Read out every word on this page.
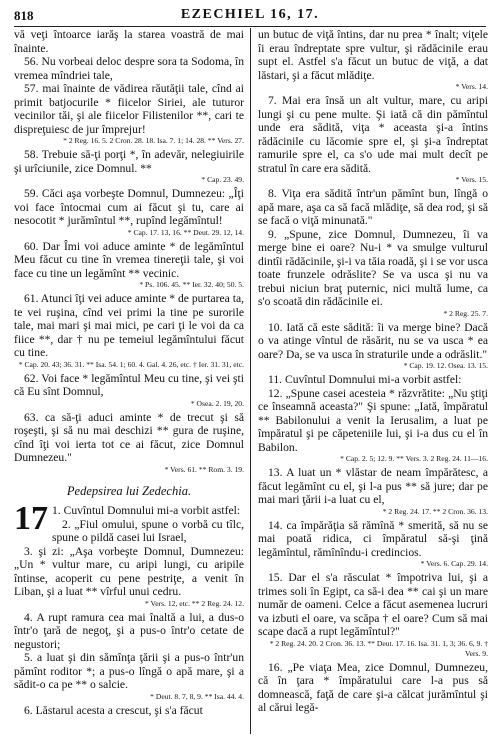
818	EZECHIEL 16, 17.

vă veţi întoarce iarăş la starea voastră de mai înainte.

56. Nu vorbeai deloc despre sora ta Sodoma, în vremea mîndriei tale,

57. mai înainte de vădirea răutăţii tale, cînd ai primit batjocurile * fiicelor Siriei, ale tuturor vecinilor tăi, şi ale fiicelor Filistenilor **, cari te dispreţuiesc de jur împrejur!

* 2 Reg. 16. 5. 2 Cron. 28. 18. Isa. 7. 1; 14. 28. ** Vers. 27.

58. Trebuie să-ţi porţi *, în adevăr, nelegiuirile şi urîciunile, zice Domnul. **

* Cap. 23. 49.

59. Căci aşa vorbeşte Domnul, Dumnezeu: „Îţi voi face întocmai cum ai făcut şi tu, care ai nesocotit * jurămîntul **, rupînd legămîntul!

* Cap. 17. 13, 16. ** Deut. 29. 12, 14.

60. Dar Îmi voi aduce aminte * de legămîntul Meu făcut cu tine în vremea tinereţii tale, şi voi face cu tine un legămînt ** vecinic.

* Ps. 106. 45. ** Ier. 32. 40; 50. 5.

61. Atunci îţi vei aduce aminte * de purtarea ta, te vei ruşina, cînd vei primi la tine pe surorile tale, mai mari şi mai mici, pe cari ţi le voi da ca fiice **, dar † nu pe temeiul legămîntului făcut cu tine.

* Cap. 20. 43; 36. 31. ** Isa. 54. 1; 60. 4. Gal. 4. 26, etc. † Ier. 31. 31, etc.

62. Voi face * legămîntul Meu cu tine, şi vei şti că Eu sînt Domnul,

* Osea. 2. 19, 20.

63. ca să-ţi aduci aminte * de trecut şi să roşeşti, şi să nu mai deschizi ** gura de ruşine, cînd îţi voi ierta tot ce ai făcut, zice Domnul Dumnezeu."

* Vers. 61. ** Rom. 3. 19.

Pedepsirea lui Zedechia.

17 1. Cuvîntul Domnului mi-a vorbit astfel:

2. „Fiul omului, spune o vorbă cu tîlc, spune o pildă casei lui Israel,

3. şi zi: „Aşa vorbeşte Domnul, Dumnezeu: „Un * vultur mare, cu aripi lungi, cu aripile întinse, acoperit cu pene pestriţe, a venit în Liban, şi a luat ** vîrful unui cedru.

* Vers. 12, etc. ** 2 Reg. 24. 12.

4. A rupt ramura cea mai înaltă a lui, a dus-o într'o ţară de negoţ, şi a pus-o într'o cetate de negustori;

5. a luat şi din sămînţa ţării şi a pus-o într'un pămînt roditor *; a pus-o lîngă o apă mare, şi a sădit-o ca pe ** o salcie.

* Deut. 8. 7, 8, 9. ** Isa. 44. 4.

6. Lăstarul acesta a crescut, şi s'a făcut

un butuc de viţă întins, dar nu prea * înalt; viţele îi erau îndreptate spre vultur, şi rădăcinile erau supt el. Astfel s'a făcut un butuc de viţă, a dat lăstari, şi a făcut mlădiţe.

* Vers. 14.

7. Mai era însă un alt vultur, mare, cu aripi lungi şi cu pene multe. Şi iată că din pămîntul unde era sădită, viţa * aceasta şi-a întins rădăcinile cu lăcomie spre el, şi şi-a îndreptat ramurile spre el, ca s'o ude mai mult decît pe stratul în care era sădită.

* Vers. 15.

8. Viţa era sădită într'un pămînt bun, lîngă o apă mare, aşa ca să facă mlădiţe, să dea rod, şi să se facă o viţă minunată."

9. „Spune, zice Domnul, Dumnezeu, îi va merge bine ei oare? Nu-i * va smulge vulturul dintîi rădăcinile, şi-i va tăia roadă, şi i se vor usca toate frunzele odrăslite? Se va usca şi nu va trebui niciun braţ puternic, nici multă lume, ca s'o scoată din rădăcinile ei.

* 2 Reg. 25. 7.

10. Iată că este sădită: îi va merge bine? Dacă o va atinge vîntul de răsărit, nu se va usca * ea oare? Da, se va usca în straturile unde a odrăslit."

* Cap. 19. 12. Osea. 13. 15.

11. Cuvîntul Domnului mi-a vorbit astfel:

12. „Spune casei acesteia * răzvrătite: „Nu ştiţi ce înseamnă aceasta?" Şi spune: „Iată, împăratul ** Babilonului a venit la Ierusalim, a luat pe împăratul şi pe căpeteniile lui, şi i-a dus cu el în Babilon.

* Cap. 2. 5; 12. 9. ** Vers. 3. 2 Reg. 24. 11—16.

13. A luat un * vlăstar de neam împărătesc, a făcut legămînt cu el, şi l-a pus ** să jure; dar pe mai mari ţării i-a luat cu el,

* 2 Reg. 24. 17. ** 2 Cron. 36. 13.

14. ca împărăţia să rămînă * smerită, să nu se mai poată ridica, ci împăratul să-şi ţină legămîntul, rămînîndu-i credincios.

* Vers. 6. Cap. 29. 14.

15. Dar el s'a răsculat * împotriva lui, şi a trimes soli în Egipt, ca să-i dea ** cai şi un mare număr de oameni. Celce a făcut asemenea lucruri va izbuti el oare, va scăpa † el oare? Cum să mai scape dacă a rupt legămîntul?"

* 2 Reg. 24. 20. 2 Cron. 36. 13. ** Deut. 17. 16. Isa. 31. 1, 3; 36. 6, 9. † Vers. 9.

16. „Pe viaţa Mea, zice Domnul, Dumnezeu, că în ţara * împăratului care l-a pus să domnească, faţă de care şi-a călcat jurămîntul şi al cărui legă-
